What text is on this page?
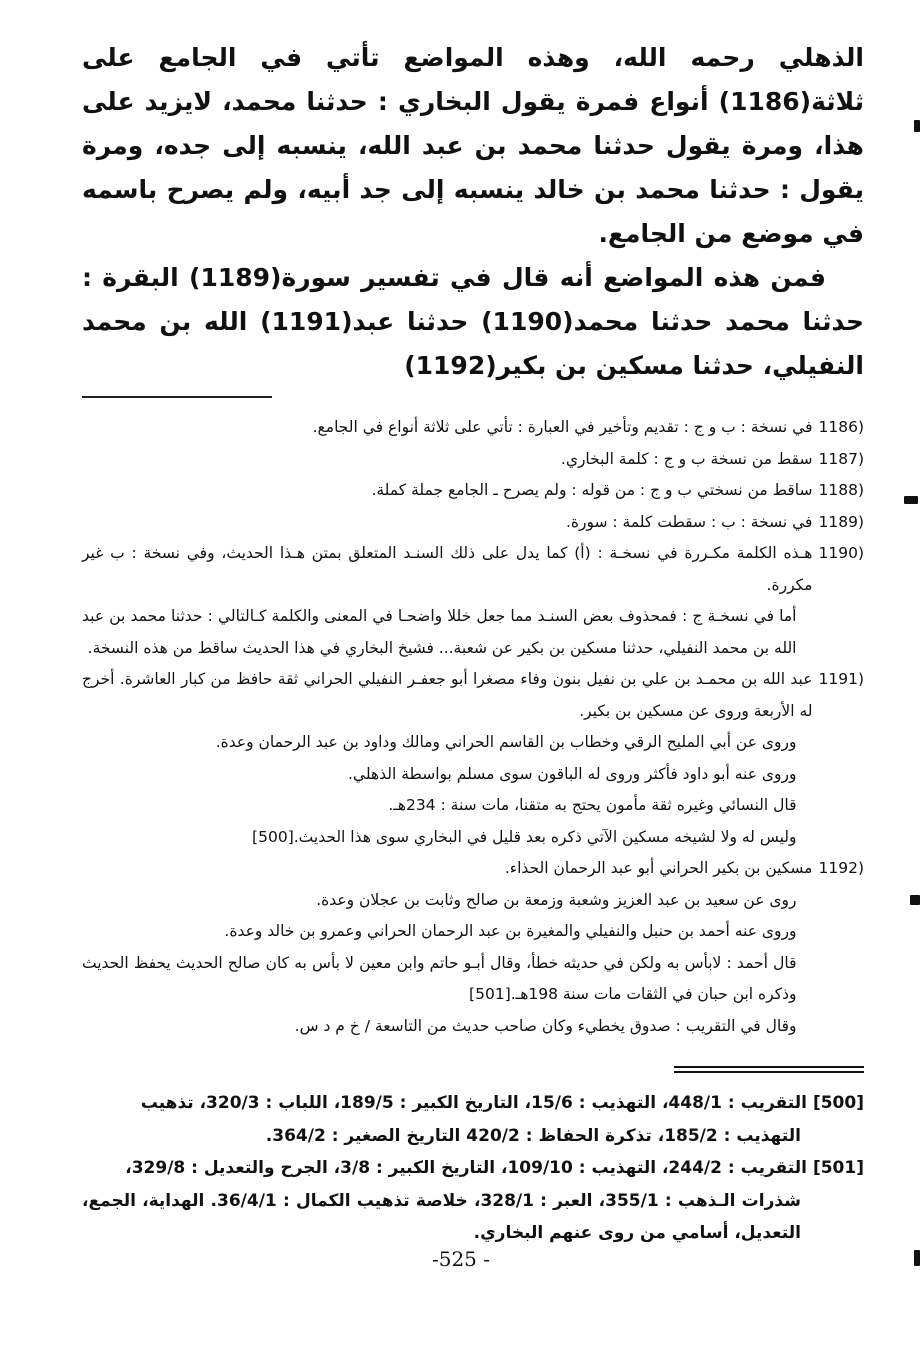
الذهلي رحمه الله، وهذه المواضع تأتي في الجامع على ثلاثة(1186) أنواع فمرة يقول البخاري : حدثنا محمد، لايزيد على هذا، ومرة يقول حدثنا محمد بن عبد الله، ينسبه إلى جده، ومرة يقول : حدثنا محمد بن خالد ينسبه إلى جد أبيه، ولم يصرح باسمه في موضع من الجامع.

فمن هذه المواضع أنه قال في تفسير سورة(1189) البقرة : حدثنا محمد حدثنا محمد(1190) حدثنا عبد(1191) الله بن محمد النفيلي، حدثنا مسكين بن بكير(1192)

(1186
في نسخة : ب و ج : تقديم وتأخير في العبارة : تأتي على ثلاثة أنواع في الجامع.
(1187
سقط من نسخة ب و ج : كلمة البخاري.
(1188
ساقط من نسختي ب و ج : من قوله : ولم يصرح ـ الجامع جملة كملة.
(1189
في نسخة : ب : سقطت كلمة : سورة.
(1190
هـذه الكلمة مكـررة في نسخـة : (أ) كما يدل على ذلك السنـد المتعلق بمتن هـذا الحديث، وفي نسخة : ب غير مكررة.
أما في نسخـة ج : فمحذوف بعض السنـد مما جعل خللا واضحـا في المعنى والكلمة كـالتالي : حدثنا محمد بن عبد الله بن محمد النفيلي، حدثنا مسكين بن بكير عن شعبة... فشيخ البخاري في هذا الحديث ساقط من هذه النسخة.
(1191
عبد الله بن محمـد بن علي بن نفيل بنون وفاء مصغرا أبو جعفـر النفيلي الحراني ثقة حافظ من كبار العاشرة. أخرج له الأربعة وروى عن مسكين بن بكير.
وروى عن أبي المليح الرقي وخطاب بن القاسم الحراني ومالك وداود بن عبد الرحمان وعدة.
وروى عنه أبو داود فأكثر وروى له الباقون سوى مسلم بواسطة الذهلي.
قال النسائي وغيره ثقة مأمون يحتج به متقنا، مات سنة : 234هـ.
وليس له ولا لشيخه مسكين الآتي ذكره بعد قليل في البخاري سوى هذا الحديث.[500]
(1192
مسكين بن بكير الحراني أبو عبد الرحمان الحذاء.
روى عن سعيد بن عبد العزيز وشعبة وزمعة بن صالح وثابت بن عجلان وعدة.
وروى عنه أحمد بن حنبل والنفيلي والمغيرة بن عبد الرحمان الحراني وعمرو بن خالد وعدة.
قال أحمد : لابأس به ولكن في حديثه خطأ، وقال أبـو حاتم وابن معين لا بأس به كان صالح الحديث يحفظ الحديث وذكره ابن حبان في الثقات مات سنة 198هـ.[501]
وقال في التقريب : صدوق يخطيء وكان صاحب حديث من التاسعة / خ م د س.
[500]
التقريب : 448/1، التهذيب : 15/6، التاريخ الكبير : 189/5، اللباب : 320/3، تذهيب
التهذيب : 185/2، تذكرة الحفاظ : 420/2 التاريخ الصغير : 364/2.
[501]
التقريب : 244/2، التهذيب : 109/10، التاريخ الكبير : 3/8، الجرح والتعديل : 329/8،
شذرات الـذهب : 355/1، العبر : 328/1، خلاصة تذهيب الكمال : 36/4/1. الهداية، الجمع، التعديل، أسامي من روى عنهم البخاري.
-525 -
